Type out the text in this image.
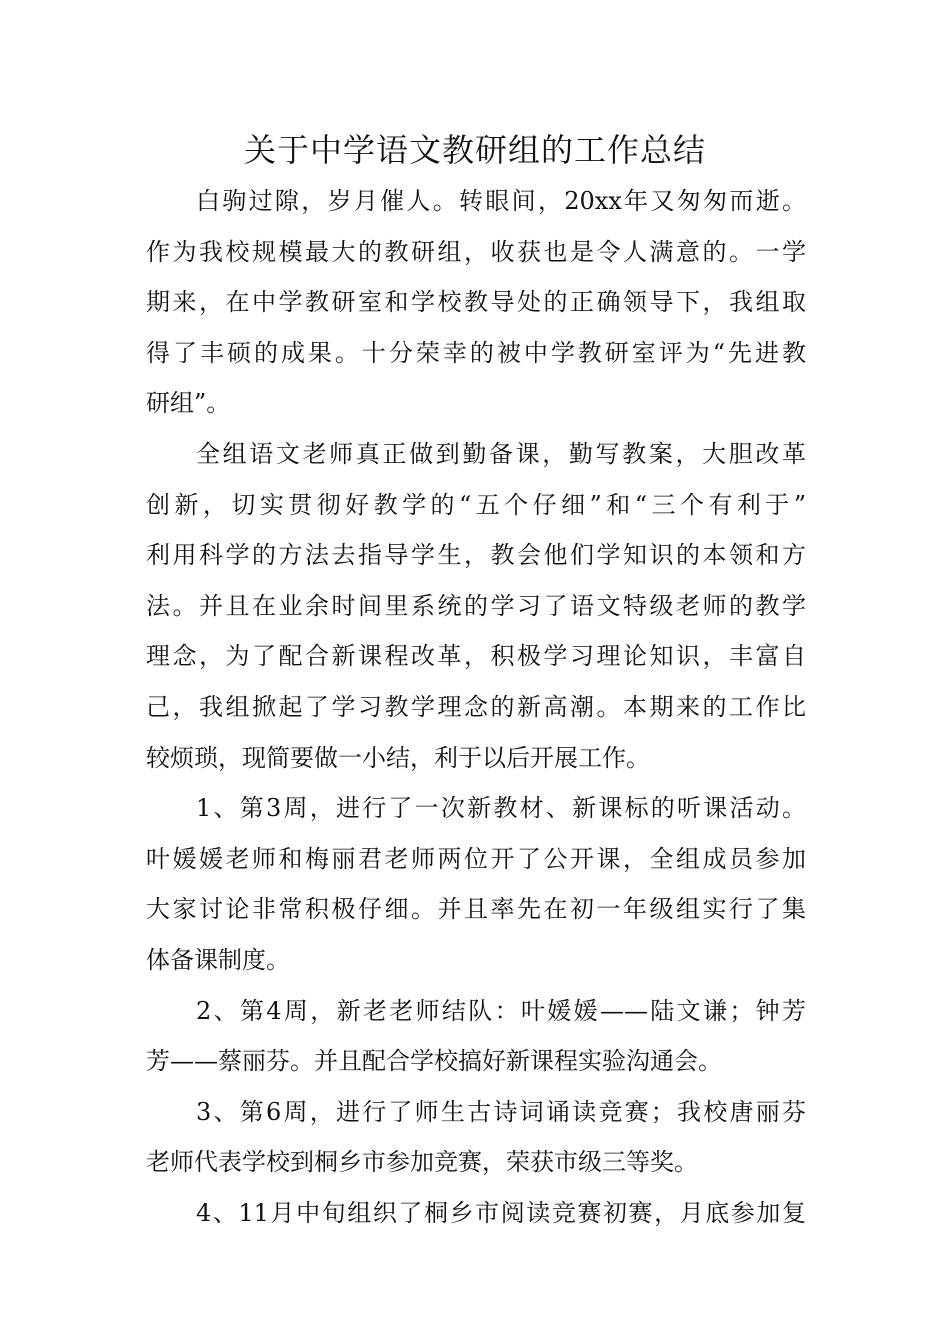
关于中学语文教研组的工作总结
白驹过隙，岁月催人。转眼间，20xx年又匆匆而逝。
作为我校规模最大的教研组，收获也是令人满意的。一学
期来，在中学教研室和学校教导处的正确领导下，我组取
得了丰硕的成果。十分荣幸的被中学教研室评为“先进教
研组”。
全组语文老师真正做到勤备课，勤写教案，大胆改革
创新，切实贯彻好教学的“五个仔细”和“三个有利于”
利用科学的方法去指导学生，教会他们学知识的本领和方
法。并且在业余时间里系统的学习了语文特级老师的教学
理念，为了配合新课程改革，积极学习理论知识，丰富自
己，我组掀起了学习教学理念的新高潮。本期来的工作比
较烦琐，现简要做一小结，利于以后开展工作。
1、第3周，进行了一次新教材、新课标的听课活动。
叶媛媛老师和梅丽君老师两位开了公开课，全组成员参加
大家讨论非常积极仔细。并且率先在初一年级组实行了集
体备课制度。
2、第4周，新老老师结队：叶媛媛——陆文谦；钟芳
芳——蔡丽芬。并且配合学校搞好新课程实验沟通会。
3、第6周，进行了师生古诗词诵读竞赛；我校唐丽芬
老师代表学校到桐乡市参加竞赛，荣获市级三等奖。
4、11月中旬组织了桐乡市阅读竞赛初赛，月底参加复
